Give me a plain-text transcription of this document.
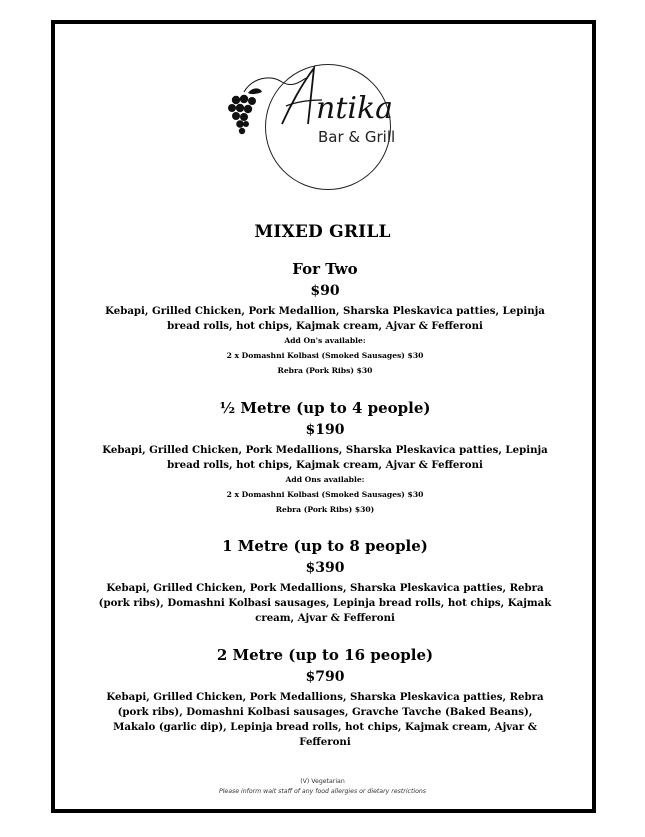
ntika
Bar & Grill
MIXED GRILL
For Two
$90
Kebapi, Grilled Chicken, Pork Medallion, Sharska Pleskavica patties, Lepinja bread rolls, hot chips, Kajmak cream, Ajvar & Fefferoni
Add On's available:
2 x Domashni Kolbasi (Smoked Sausages) $30
Rebra (Pork Ribs) $30
½ Metre (up to 4 people)
$190
Kebapi, Grilled Chicken, Pork Medallions, Sharska Pleskavica patties, Lepinja bread rolls, hot chips, Kajmak cream, Ajvar & Fefferoni
Add Ons available:
2 x Domashni Kolbasi (Smoked Sausages) $30
Rebra (Pork Ribs) $30)
1 Metre (up to 8 people)
$390
Kebapi, Grilled Chicken, Pork Medallions, Sharska Pleskavica patties, Rebra (pork ribs), Domashni Kolbasi sausages, Lepinja bread rolls, hot chips, Kajmak cream, Ajvar & Fefferoni
2 Metre (up to 16 people)
$790
Kebapi, Grilled Chicken, Pork Medallions, Sharska Pleskavica patties, Rebra (pork ribs), Domashni Kolbasi sausages, Gravche Tavche (Baked Beans), Makalo (garlic dip), Lepinja bread rolls, hot chips, Kajmak cream, Ajvar & Fefferoni
(V) Vegetarian
Please inform wait staff of any food allergies or dietary restrictions
